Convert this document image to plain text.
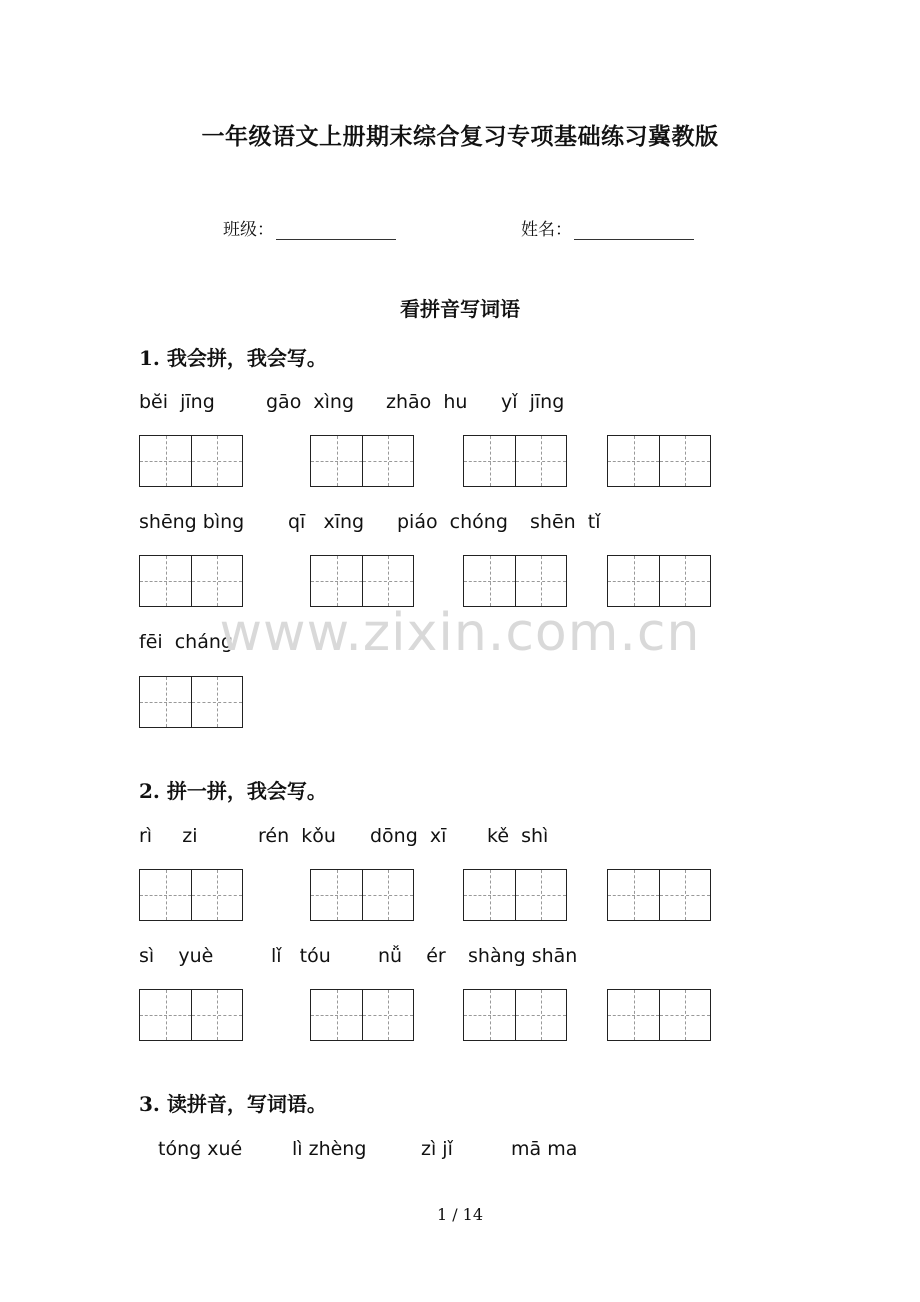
一年级语文上册期末综合复习专项基础练习冀教版
班级：	姓名：
看拼音写词语
1. 我会拼，我会写。
bĕi  jīng	gāo  xìng zhāo  hu yǐ  jīng
shēng bìng qī   xīng piáo  chóng shēn  tǐ
fēi  cháng
2. 拼一拼，我会写。
rì     zi	rén  kǒu dōng  xī kě  shì
sì    yuè	lǐ   tóu nǚ    ér shàng shān
3. 读拼音，写词语。
tóng xué	lì zhèng	zì jǐ	mā ma
www.zixin.com.cn
1 / 14
